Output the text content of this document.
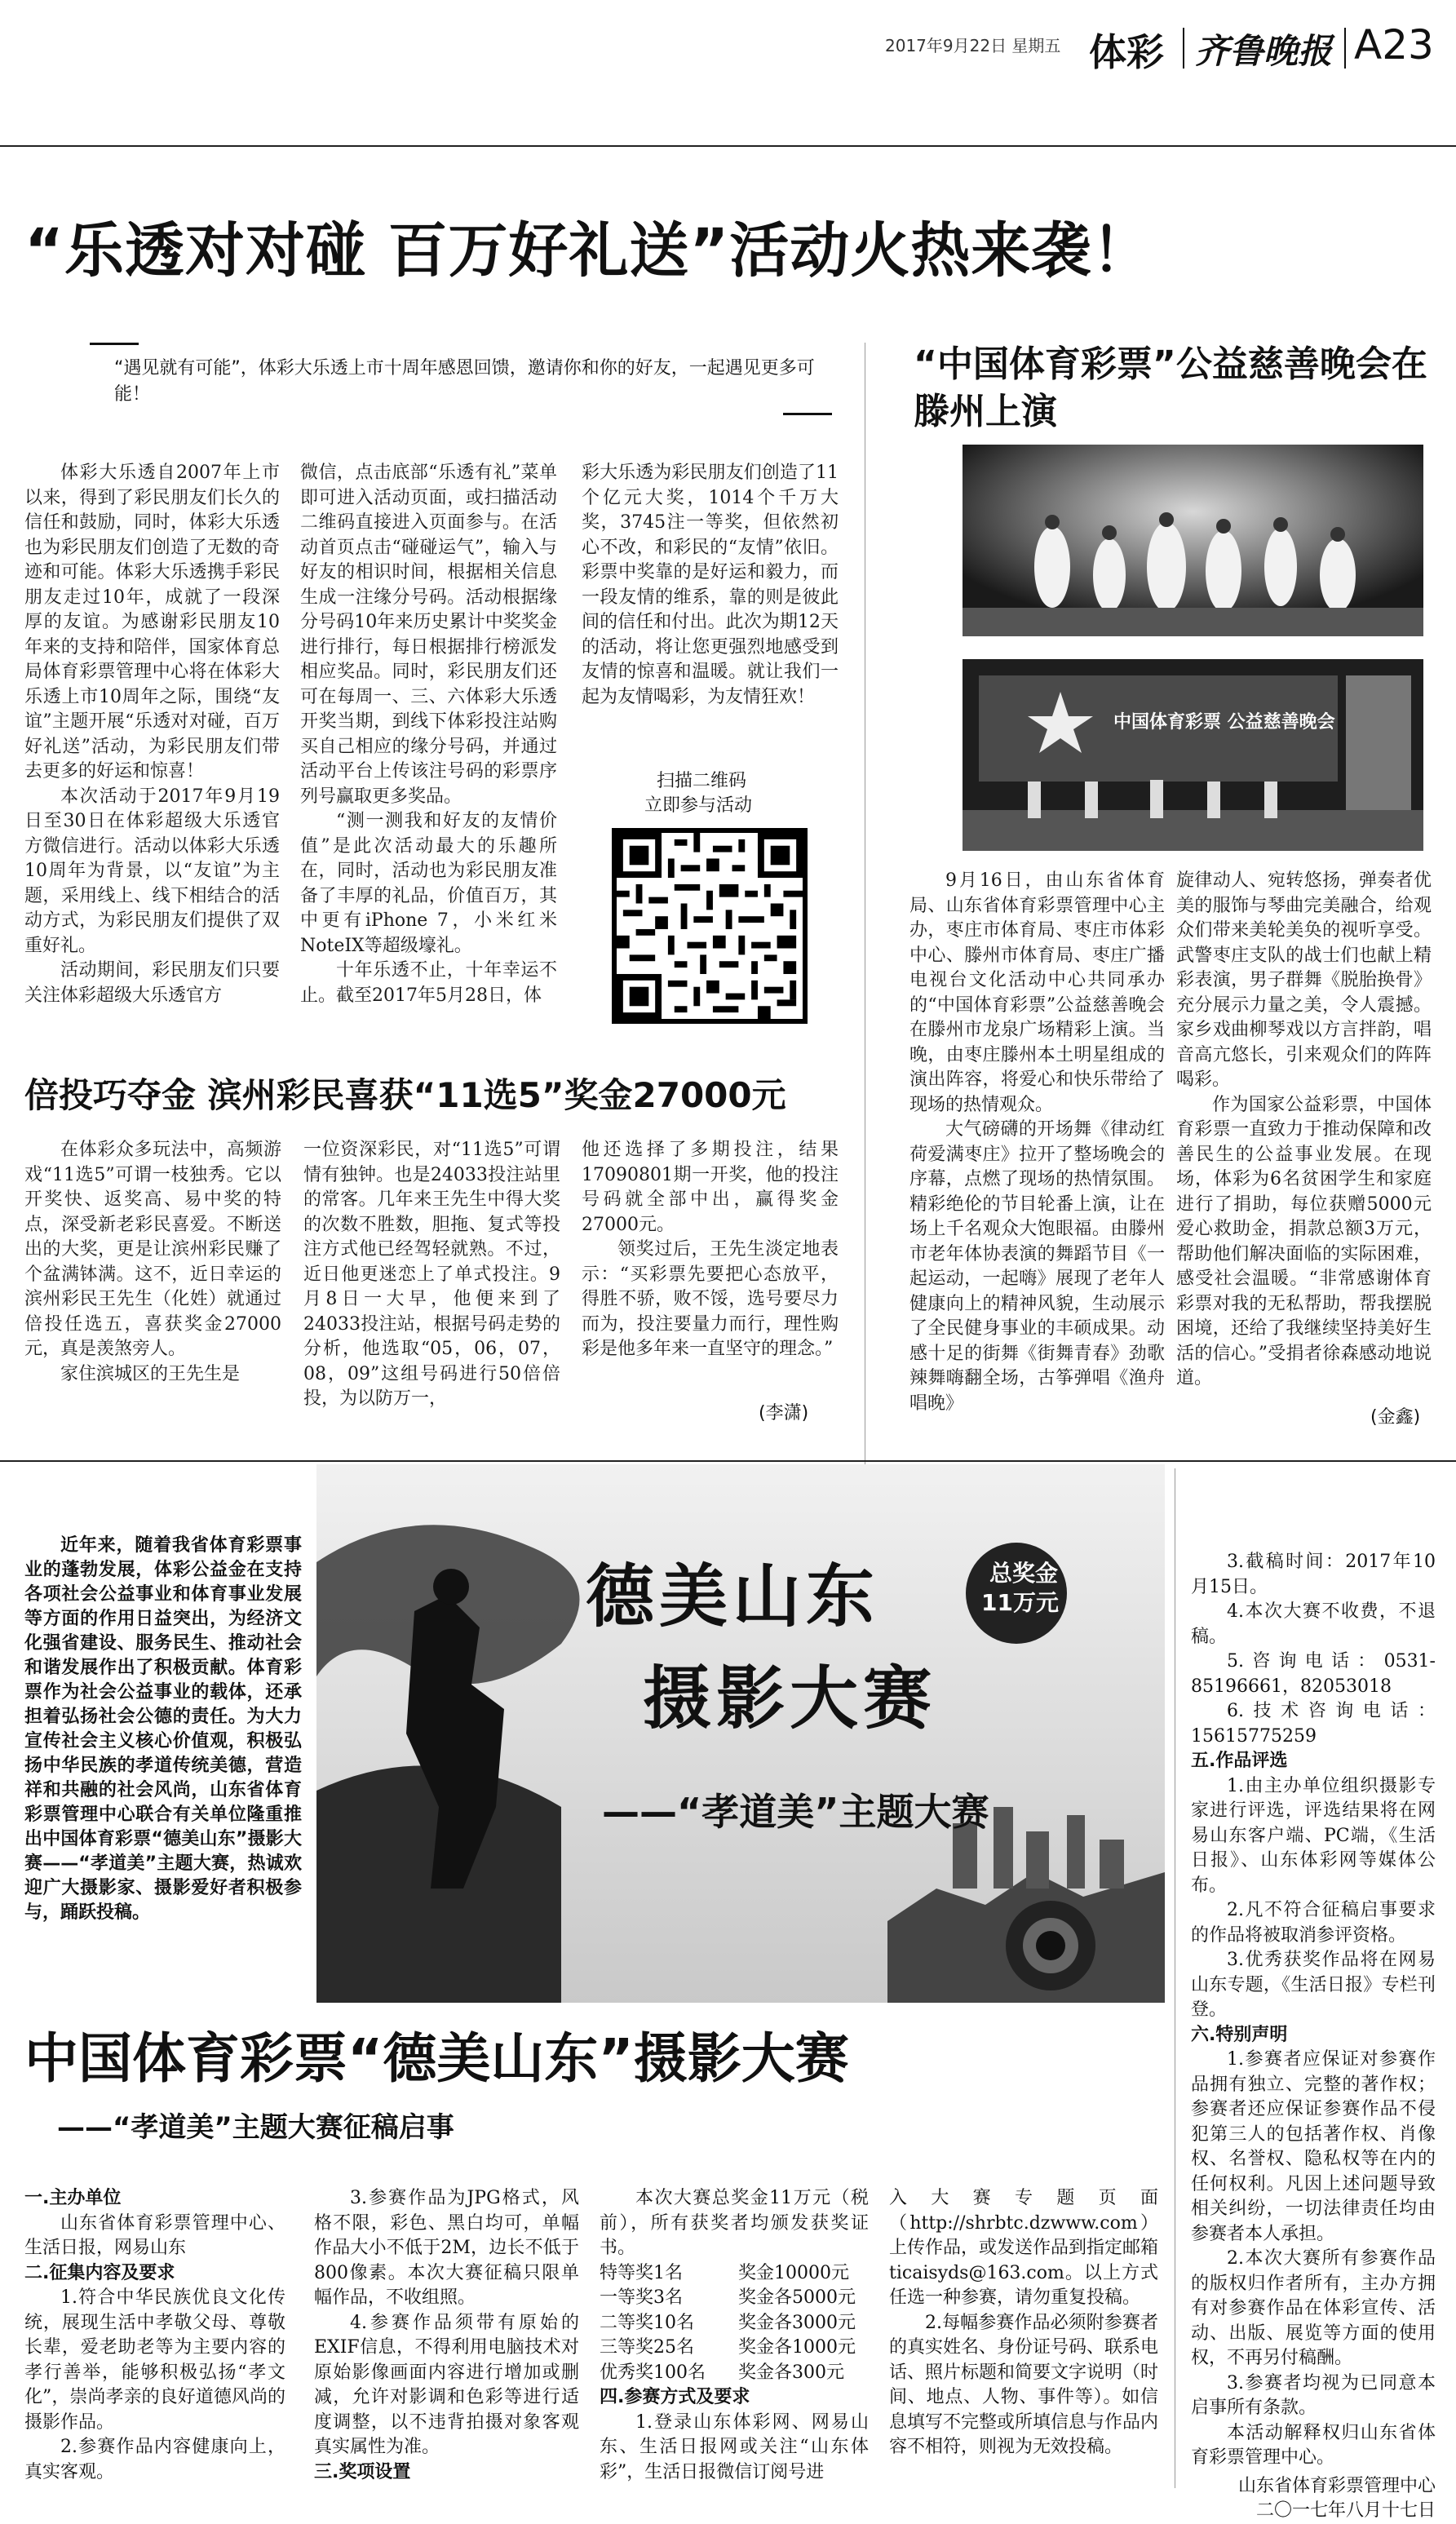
2017年9月22日 星期五 体彩 齐鲁晚报 A23
“乐透对对碰 百万好礼送”活动火热来袭！
“遇见就有可能”，体彩大乐透上市十周年感恩回馈，邀请你和你的好友，一起遇见更多可能！

体彩大乐透自2007年上市以来，得到了彩民朋友们长久的信任和鼓励，同时，体彩大乐透也为彩民朋友们创造了无数的奇迹和可能。体彩大乐透携手彩民朋友走过10年，成就了一段深厚的友谊。为感谢彩民朋友10年来的支持和陪伴，国家体育总局体育彩票管理中心将在体彩大乐透上市10周年之际，围绕“友谊”主题开展“乐透对对碰，百万好礼送”活动，为彩民朋友们带去更多的好运和惊喜！

本次活动于2017年9月19日至30日在体彩超级大乐透官方微信进行。活动以体彩大乐透10周年为背景，以“友谊”为主题，采用线上、线下相结合的活动方式，为彩民朋友们提供了双重好礼。

活动期间，彩民朋友们只要关注体彩超级大乐透官方

微信，点击底部“乐透有礼”菜单即可进入活动页面，或扫描活动二维码直接进入页面参与。在活动首页点击“碰碰运气”，输入与好友的相识时间，根据相关信息生成一注缘分号码。活动根据缘分号码10年来历史累计中奖奖金进行排行，每日根据排行榜派发相应奖品。同时，彩民朋友们还可在每周一、三、六体彩大乐透开奖当期，到线下体彩投注站购买自己相应的缘分号码，并通过活动平台上传该注号码的彩票序列号赢取更多奖品。

“测一测我和好友的友情价值”是此次活动最大的乐趣所在，同时，活动也为彩民朋友准备了丰厚的礼品，价值百万，其中更有iPhone 7，小米红米NoteIX等超级壕礼。

十年乐透不止，十年幸运不止。截至2017年5月28日，体

彩大乐透为彩民朋友们创造了11个亿元大奖，1014个千万大奖，3745注一等奖，但依然初心不改，和彩民的“友情”依旧。彩票中奖靠的是好运和毅力，而一段友情的维系，靠的则是彼此间的信任和付出。此次为期12天的活动，将让您更强烈地感受到友情的惊喜和温暖。就让我们一起为友情喝彩，为友情狂欢！

扫描二维码
立即参与活动
“中国体育彩票”公益慈善晚会在滕州上演
中国体育彩票 公益慈善晚会

9月16日，由山东省体育局、山东省体育彩票管理中心主办，枣庄市体育局、枣庄市体彩中心、滕州市体育局、枣庄广播电视台文化活动中心共同承办的“中国体育彩票”公益慈善晚会在滕州市龙泉广场精彩上演。当晚，由枣庄滕州本土明星组成的演出阵容，将爱心和快乐带给了现场的热情观众。

大气磅礴的开场舞《律动红荷爱满枣庄》拉开了整场晚会的序幕，点燃了现场的热情氛围。精彩绝伦的节目轮番上演，让在场上千名观众大饱眼福。由滕州市老年体协表演的舞蹈节目《一起运动，一起嗨》展现了老年人健康向上的精神风貌，生动展示了全民健身事业的丰硕成果。动感十足的街舞《街舞青春》劲歌辣舞嗨翻全场，古筝弹唱《渔舟唱晚》

旋律动人、宛转悠扬，弹奏者优美的服饰与琴曲完美融合，给观众们带来美轮美奂的视听享受。武警枣庄支队的战士们也献上精彩表演，男子群舞《脱胎换骨》充分展示力量之美，令人震撼。家乡戏曲柳琴戏以方言拌韵，唱音高亢悠长，引来观众们的阵阵喝彩。

作为国家公益彩票，中国体育彩票一直致力于推动保障和改善民生的公益事业发展。在现场，体彩为6名贫困学生和家庭进行了捐助，每位获赠5000元爱心救助金，捐款总额3万元，帮助他们解决面临的实际困难，感受社会温暖。“非常感谢体育彩票对我的无私帮助，帮我摆脱困境，还给了我继续坚持美好生活的信心。”受捐者徐森感动地说道。

(金鑫)
倍投巧夺金 滨州彩民喜获“11选5”奖金27000元

在体彩众多玩法中，高频游戏“11选5”可谓一枝独秀。它以开奖快、返奖高、易中奖的特点，深受新老彩民喜爱。不断送出的大奖，更是让滨州彩民赚了个盆满钵满。这不，近日幸运的滨州彩民王先生（化姓）就通过倍投任选五，喜获奖金27000元，真是羡煞旁人。

家住滨城区的王先生是

一位资深彩民，对“11选5”可谓情有独钟。也是24033投注站里的常客。几年来王先生中得大奖的次数不胜数，胆拖、复式等投注方式他已经驾轻就熟。不过，近日他更迷恋上了单式投注。9月8日一大早，他便来到了24033投注站，根据号码走势的分析，他选取“05，06，07，08，09”这组号码进行50倍倍投，为以防万一，

他还选择了多期投注，结果17090801期一开奖，他的投注号码就全部中出，赢得奖金27000元。

领奖过后，王先生淡定地表示：“买彩票先要把心态放平，得胜不骄，败不馁，选号要尽力而为，投注要量力而行，理性购彩是他多年来一直坚守的理念。”

(李潇)
德美山东
摄影大赛
——“孝道美”主题大赛
总奖金
11万元

近年来，随着我省体育彩票事业的蓬勃发展，体彩公益金在支持各项社会公益事业和体育事业发展等方面的作用日益突出，为经济文化强省建设、服务民生、推动社会和谐发展作出了积极贡献。体育彩票作为社会公益事业的载体，还承担着弘扬社会公德的责任。为大力宣传社会主义核心价值观，积极弘扬中华民族的孝道传统美德，营造祥和共融的社会风尚，山东省体育彩票管理中心联合有关单位隆重推出中国体育彩票“德美山东”摄影大赛——“孝道美”主题大赛，热诚欢迎广大摄影家、摄影爱好者积极参与，踊跃投稿。

3.截稿时间：2017年10月15日。

4.本次大赛不收费，不退稿。

5.咨询电话：0531-85196661，82053018

6.技术咨询电话：15615775259

五.作品评选

1.由主办单位组织摄影专家进行评选，评选结果将在网易山东客户端、PC端，《生活日报》、山东体彩网等媒体公布。

2.凡不符合征稿启事要求的作品将被取消参评资格。

3.优秀获奖作品将在网易山东专题，《生活日报》专栏刊登。

六.特别声明

1.参赛者应保证对参赛作品拥有独立、完整的著作权；参赛者还应保证参赛作品不侵犯第三人的包括著作权、肖像权、名誉权、隐私权等在内的任何权利。凡因上述问题导致相关纠纷，一切法律责任均由参赛者本人承担。

2.本次大赛所有参赛作品的版权归作者所有，主办方拥有对参赛作品在体彩宣传、活动、出版、展览等方面的使用权，不再另付稿酬。

3.参赛者均视为已同意本启事所有条款。

本活动解释权归山东省体育彩票管理中心。

山东省体育彩票管理中心

二〇一七年八月十七日

中国体育彩票“德美山东”摄影大赛
——“孝道美”主题大赛征稿启事

一.主办单位

山东省体育彩票管理中心、生活日报，网易山东

二.征集内容及要求

1.符合中华民族优良文化传统，展现生活中孝敬父母、尊敬长辈，爱老助老等为主要内容的孝行善举，能够积极弘扬“孝文化”，崇尚孝亲的良好道德风尚的摄影作品。

2.参赛作品内容健康向上，真实客观。

3.参赛作品为JPG格式，风格不限，彩色、黑白均可，单幅作品大小不低于2M，边长不低于800像素。本次大赛征稿只限单幅作品，不收组照。

4.参赛作品须带有原始的EXIF信息，不得利用电脑技术对原始影像画面内容进行增加或删减，允许对影调和色彩等进行适度调整，以不违背拍摄对象客观真实属性为准。

三.奖项设置

本次大赛总奖金11万元（税前），所有获奖者均颁发获奖证书。

特等奖1名	奖金10000元
一等奖3名	奖金各5000元
二等奖10名	奖金各3000元
三等奖25名	奖金各1000元
优秀奖100名	奖金各300元

四.参赛方式及要求

1.登录山东体彩网、网易山东、生活日报网或关注“山东体彩”，生活日报微信订阅号进

入大赛专题页面（http://shrbtc.dzwww.com）上传作品，或发送作品到指定邮箱ticaisyds@163.com。以上方式任选一种参赛，请勿重复投稿。

2.每幅参赛作品必须附参赛者的真实姓名、身份证号码、联系电话、照片标题和简要文字说明（时间、地点、人物、事件等）。如信息填写不完整或所填信息与作品内容不相符，则视为无效投稿。
